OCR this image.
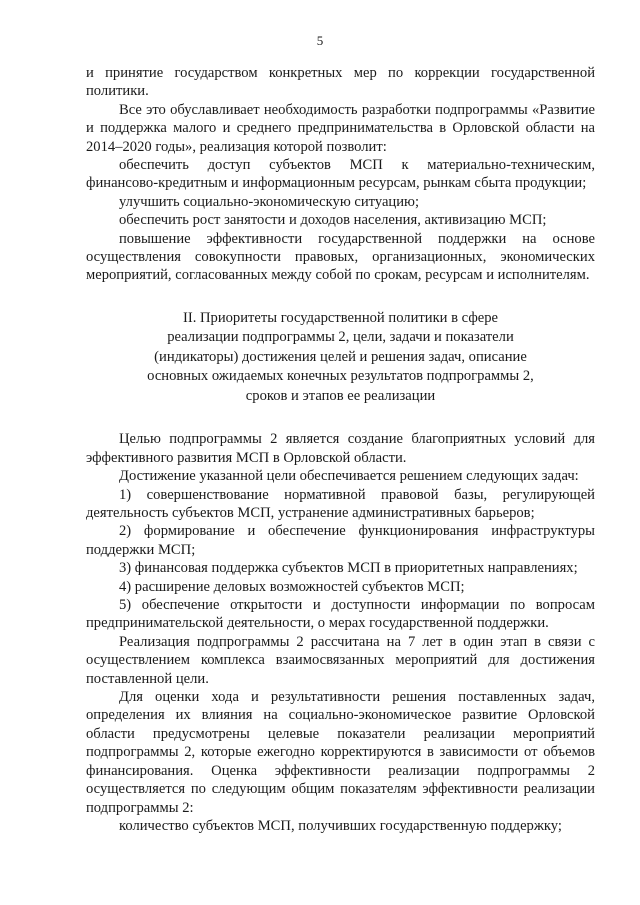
5

и принятие государством конкретных мер по коррекции государственной политики.

Все это обуславливает необходимость разработки подпрограммы «Развитие и поддержка малого и среднего предпринимательства в Орловской области на 2014–2020 годы», реализация которой позволит:

обеспечить доступ субъектов МСП к материально-техническим, финансово-кредитным и информационным ресурсам, рынкам сбыта продукции;

улучшить социально-экономическую ситуацию;

обеспечить рост занятости и доходов населения, активизацию МСП;

повышение эффективности государственной поддержки на основе осуществления совокупности правовых, организационных, экономических мероприятий, согласованных между собой по срокам, ресурсам и исполнителям.

II. Приоритеты государственной политики в сфере
реализации подпрограммы 2, цели, задачи и показатели
(индикаторы) достижения целей и решения задач, описание
основных ожидаемых конечных результатов подпрограммы 2,
сроков и этапов ее реализации

Целью подпрограммы 2 является создание благоприятных условий для эффективного развития МСП в Орловской области.

Достижение указанной цели обеспечивается решением следующих задач:

1) совершенствование нормативной правовой базы, регулирующей деятельность субъектов МСП, устранение административных барьеров;

2) формирование и обеспечение функционирования инфраструктуры поддержки МСП;

3) финансовая поддержка субъектов МСП в приоритетных направлениях;

4) расширение деловых возможностей субъектов МСП;

5) обеспечение открытости и доступности информации по вопросам предпринимательской деятельности, о мерах государственной поддержки.

Реализация подпрограммы 2 рассчитана на 7 лет в один этап в связи с осуществлением комплекса взаимосвязанных мероприятий для достижения поставленной цели.

Для оценки хода и результативности решения поставленных задач, определения их влияния на социально-экономическое развитие Орловской области предусмотрены целевые показатели реализации мероприятий подпрограммы 2, которые ежегодно корректируются в зависимости от объемов финансирования. Оценка эффективности реализации подпрограммы 2 осуществляется по следующим общим показателям эффективности реализации подпрограммы 2:

количество субъектов МСП, получивших государственную поддержку;
